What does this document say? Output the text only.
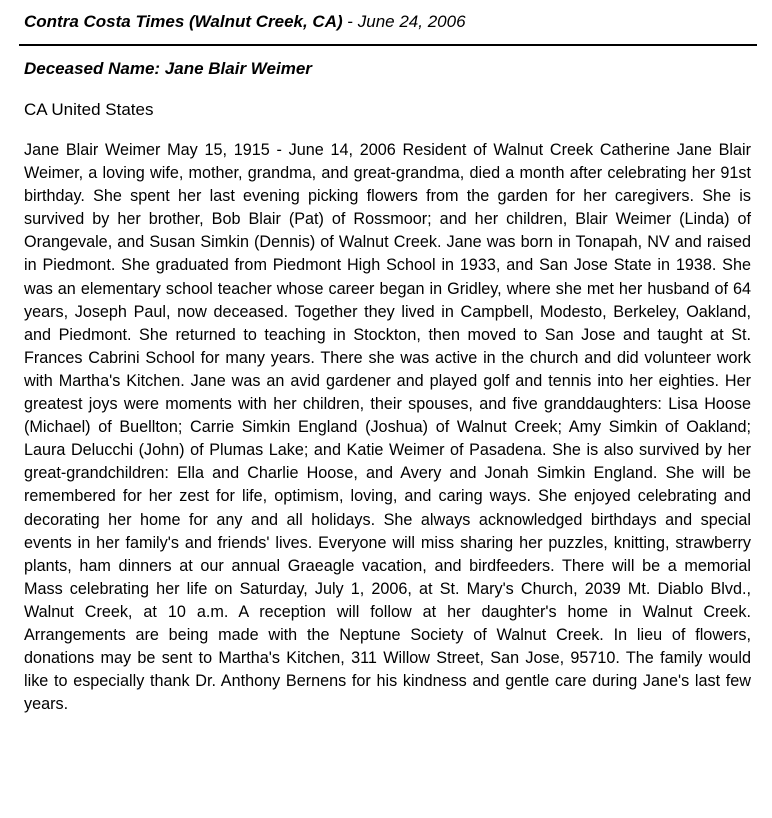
Contra Costa Times (Walnut Creek, CA) - June 24, 2006
Deceased Name: Jane Blair Weimer
CA United States

Jane Blair Weimer May 15, 1915 - June 14, 2006 Resident of Walnut Creek Catherine Jane Blair Weimer, a loving wife, mother, grandma, and great-grandma, died a month after celebrating her 91st birthday. She spent her last evening picking flowers from the garden for her caregivers. She is survived by her brother, Bob Blair (Pat) of Rossmoor; and her children, Blair Weimer (Linda) of Orangevale, and Susan Simkin (Dennis) of Walnut Creek. Jane was born in Tonapah, NV and raised in Piedmont. She graduated from Piedmont High School in 1933, and San Jose State in 1938. She was an elementary school teacher whose career began in Gridley, where she met her husband of 64 years, Joseph Paul, now deceased. Together they lived in Campbell, Modesto, Berkeley, Oakland, and Piedmont. She returned to teaching in Stockton, then moved to San Jose and taught at St. Frances Cabrini School for many years. There she was active in the church and did volunteer work with Martha's Kitchen. Jane was an avid gardener and played golf and tennis into her eighties. Her greatest joys were moments with her children, their spouses, and five granddaughters: Lisa Hoose (Michael) of Buellton; Carrie Simkin England (Joshua) of Walnut Creek; Amy Simkin of Oakland; Laura Delucchi (John) of Plumas Lake; and Katie Weimer of Pasadena. She is also survived by her great-grandchildren: Ella and Charlie Hoose, and Avery and Jonah Simkin England. She will be remembered for her zest for life, optimism, loving, and caring ways. She enjoyed celebrating and decorating her home for any and all holidays. She always acknowledged birthdays and special events in her family's and friends' lives. Everyone will miss sharing her puzzles, knitting, strawberry plants, ham dinners at our annual Graeagle vacation, and birdfeeders. There will be a memorial Mass celebrating her life on Saturday, July 1, 2006, at St. Mary's Church, 2039 Mt. Diablo Blvd., Walnut Creek, at 10 a.m. A reception will follow at her daughter's home in Walnut Creek. Arrangements are being made with the Neptune Society of Walnut Creek. In lieu of flowers, donations may be sent to Martha's Kitchen, 311 Willow Street, San Jose, 95710. The family would like to especially thank Dr. Anthony Bernens for his kindness and gentle care during Jane's last few years.
